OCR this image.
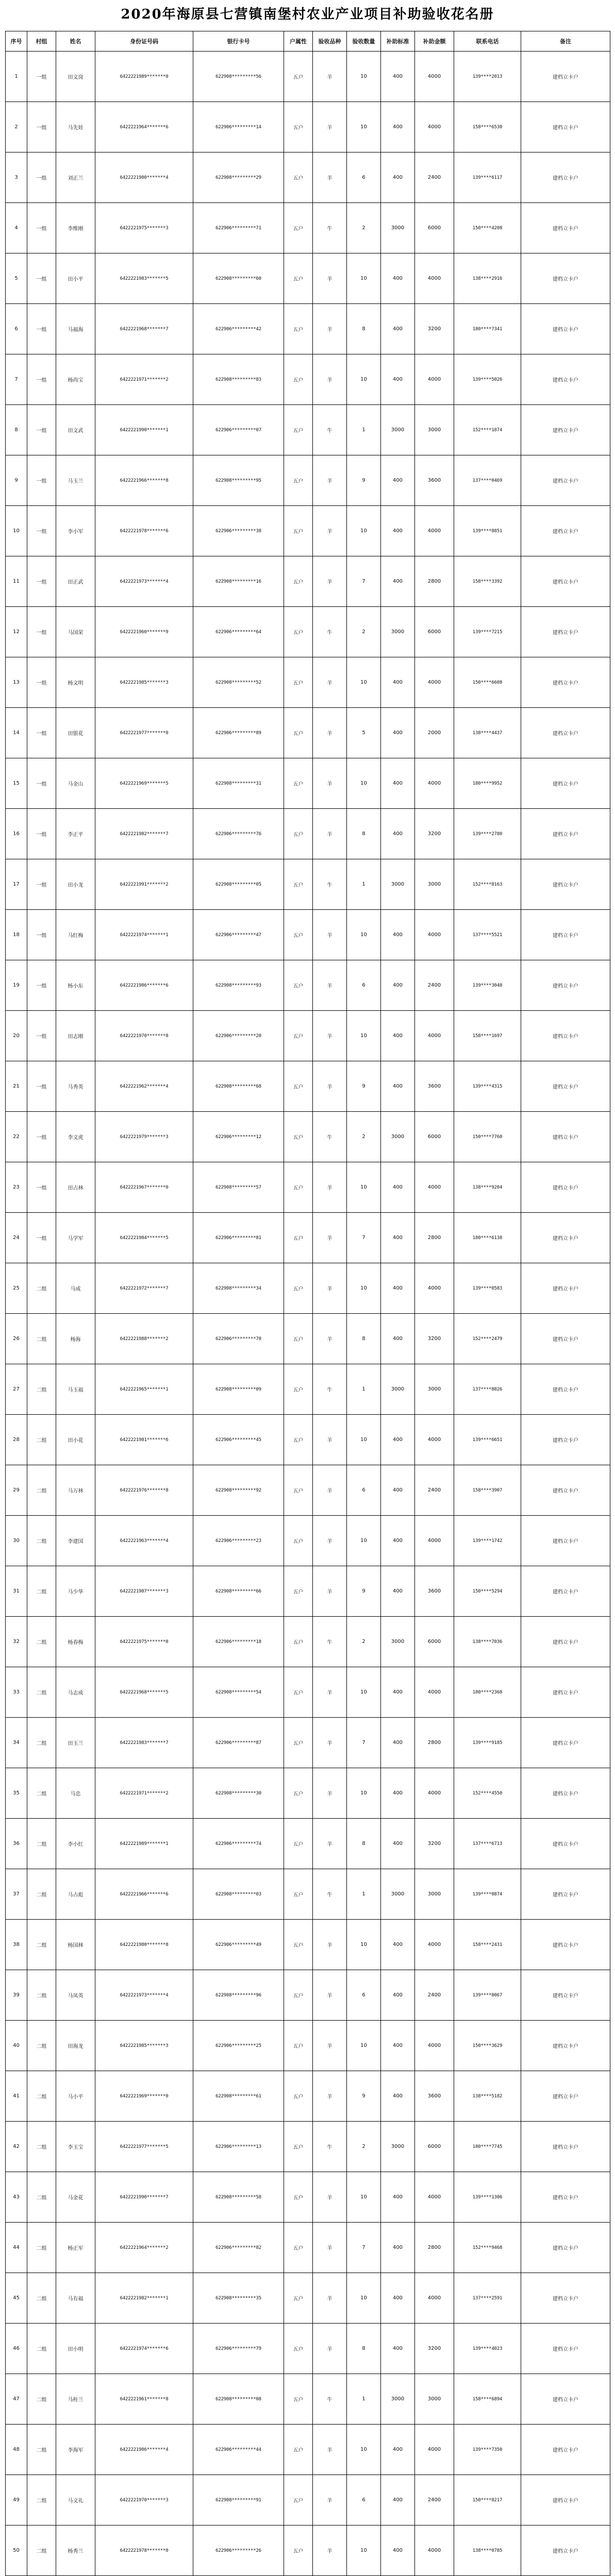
2020年海原县七营镇南堡村农业产业项目补助验收花名册
序号	村组	姓名	身份证号码	银行卡号	户属性	验收品种	验收数量	补助标准	补助金额	联系电话	备注
1	一组	田文岗	6422221989*******0	622908*********56	五户	羊	10	400	4000	139****2013	建档立卡户
2	一组	马先娃	6422221964*******6	622906*********14	五户	羊	10	400	4000	158****6530	建档立卡户
3	一组	刘正兰	6422221980*******4	622908*********29	五户	羊	6	400	2400	139****6117	建档立卡户
4	一组	李维刚	6422221975*******3	622906*********71	五户	牛	2	3000	6000	150****4208	建档立卡户
5	一组	田小平	6422221983*******5	622908*********60	五户	羊	10	400	4000	138****2916	建档立卡户
6	一组	马福海	6422221968*******7	622906*********42	五户	羊	8	400	3200	180****7341	建档立卡户
7	一组	杨尚宝	6422221971*******2	622908*********83	五户	羊	10	400	4000	139****5026	建档立卡户
8	一组	田文武	6422221990*******1	622906*********07	五户	牛	1	3000	3000	152****1874	建档立卡户
9	一组	马玉兰	6422221966*******8	622908*********95	五户	羊	9	400	3600	137****0469	建档立卡户
10	一组	李小军	6422221978*******6	622906*********38	五户	羊	10	400	4000	139****8851	建档立卡户
11	一组	田正武	6422221973*******4	622908*********16	五户	羊	7	400	2800	158****3392	建档立卡户
12	一组	马国荣	6422221960*******9	622906*********64	五户	牛	2	3000	6000	139****7215	建档立卡户
13	一组	杨文明	6422221985*******3	622908*********52	五户	羊	10	400	4000	150****6608	建档立卡户
14	一组	田银花	6422221977*******0	622906*********89	五户	羊	5	400	2000	138****4437	建档立卡户
15	一组	马金山	6422221969*******5	622908*********31	五户	羊	10	400	4000	180****9952	建档立卡户
16	一组	李正平	6422221982*******7	622906*********76	五户	羊	8	400	3200	139****2780	建档立卡户
17	一组	田小龙	6422221991*******2	622908*********05	五户	牛	1	3000	3000	152****8163	建档立卡户
18	一组	马红梅	6422221974*******1	622906*********47	五户	羊	10	400	4000	137****5521	建档立卡户
19	一组	杨小东	6422221986*******6	622908*********93	五户	羊	6	400	2400	139****3048	建档立卡户
20	一组	田志刚	6422221970*******8	622906*********20	五户	羊	10	400	4000	158****1697	建档立卡户
21	一组	马秀英	6422221962*******4	622908*********68	五户	羊	9	400	3600	139****4315	建档立卡户
22	一组	李文虎	6422221979*******3	622906*********12	五户	牛	2	3000	6000	150****7760	建档立卡户
23	一组	田占林	6422221967*******0	622908*********57	五户	羊	10	400	4000	138****9204	建档立卡户
24	一组	马学军	6422221984*******5	622906*********81	五户	羊	7	400	2800	180****6138	建档立卡户
25	二组	马成	6422221972*******7	622908*********34	五户	羊	10	400	4000	139****0583	建档立卡户
26	二组	杨海	6422221988*******2	622906*********70	五户	羊	8	400	3200	152****2479	建档立卡户
27	二组	马玉福	6422221965*******1	622908*********09	五户	牛	1	3000	3000	137****8826	建档立卡户
28	二组	田小花	6422221981*******6	622906*********45	五户	羊	10	400	4000	139****6651	建档立卡户
29	二组	马万林	6422221976*******8	622908*********92	五户	羊	6	400	2400	158****3907	建档立卡户
30	二组	李建国	6422221963*******4	622906*********23	五户	羊	10	400	4000	139****1742	建档立卡户
31	二组	马少华	6422221987*******3	622908*********66	五户	羊	9	400	3600	150****5294	建档立卡户
32	二组	杨春梅	6422221975*******0	622906*********18	五户	牛	2	3000	6000	138****7036	建档立卡户
33	二组	马志成	6422221968*******5	622908*********54	五户	羊	10	400	4000	180****2368	建档立卡户
34	二组	田玉兰	6422221983*******7	622906*********87	五户	羊	7	400	2800	139****9185	建档立卡户
35	二组	马忠	6422221971*******2	622908*********30	五户	羊	10	400	4000	152****4550	建档立卡户
36	二组	李小红	6422221989*******1	622906*********74	五户	羊	8	400	3200	137****6713	建档立卡户
37	二组	马占彪	6422221966*******6	622908*********03	五户	牛	1	3000	3000	139****0874	建档立卡户
38	二组	杨国林	6422221980*******8	622906*********49	五户	羊	10	400	4000	158****2431	建档立卡户
39	二组	马凤英	6422221973*******4	622908*********96	五户	羊	6	400	2400	139****8067	建档立卡户
40	二组	田海龙	6422221985*******3	622906*********25	五户	羊	10	400	4000	150****3629	建档立卡户
41	二组	马小平	6422221969*******0	622908*********61	五户	羊	9	400	3600	138****5182	建档立卡户
42	二组	李玉宝	6422221977*******5	622906*********13	五户	牛	2	3000	6000	180****7745	建档立卡户
43	二组	马金花	6422221990*******7	622908*********58	五户	羊	10	400	4000	139****1306	建档立卡户
44	二组	杨正军	6422221964*******2	622906*********82	五户	羊	7	400	2800	152****9468	建档立卡户
45	二组	马有福	6422221982*******1	622908*********35	五户	羊	10	400	4000	137****2591	建档立卡户
46	二组	田小明	6422221974*******6	622906*********79	五户	羊	8	400	3200	139****4023	建档立卡户
47	二组	马桂兰	6422221961*******8	622908*********08	五户	牛	1	3000	3000	158****6894	建档立卡户
48	二组	李海军	6422221986*******4	622906*********44	五户	羊	10	400	4000	139****7350	建档立卡户
49	二组	马文礼	6422221970*******3	622908*********91	五户	羊	6	400	2400	150****8217	建档立卡户
50	二组	杨秀兰	6422221978*******0	622906*********26	五户	羊	10	400	4000	138****0785	建档立卡户
